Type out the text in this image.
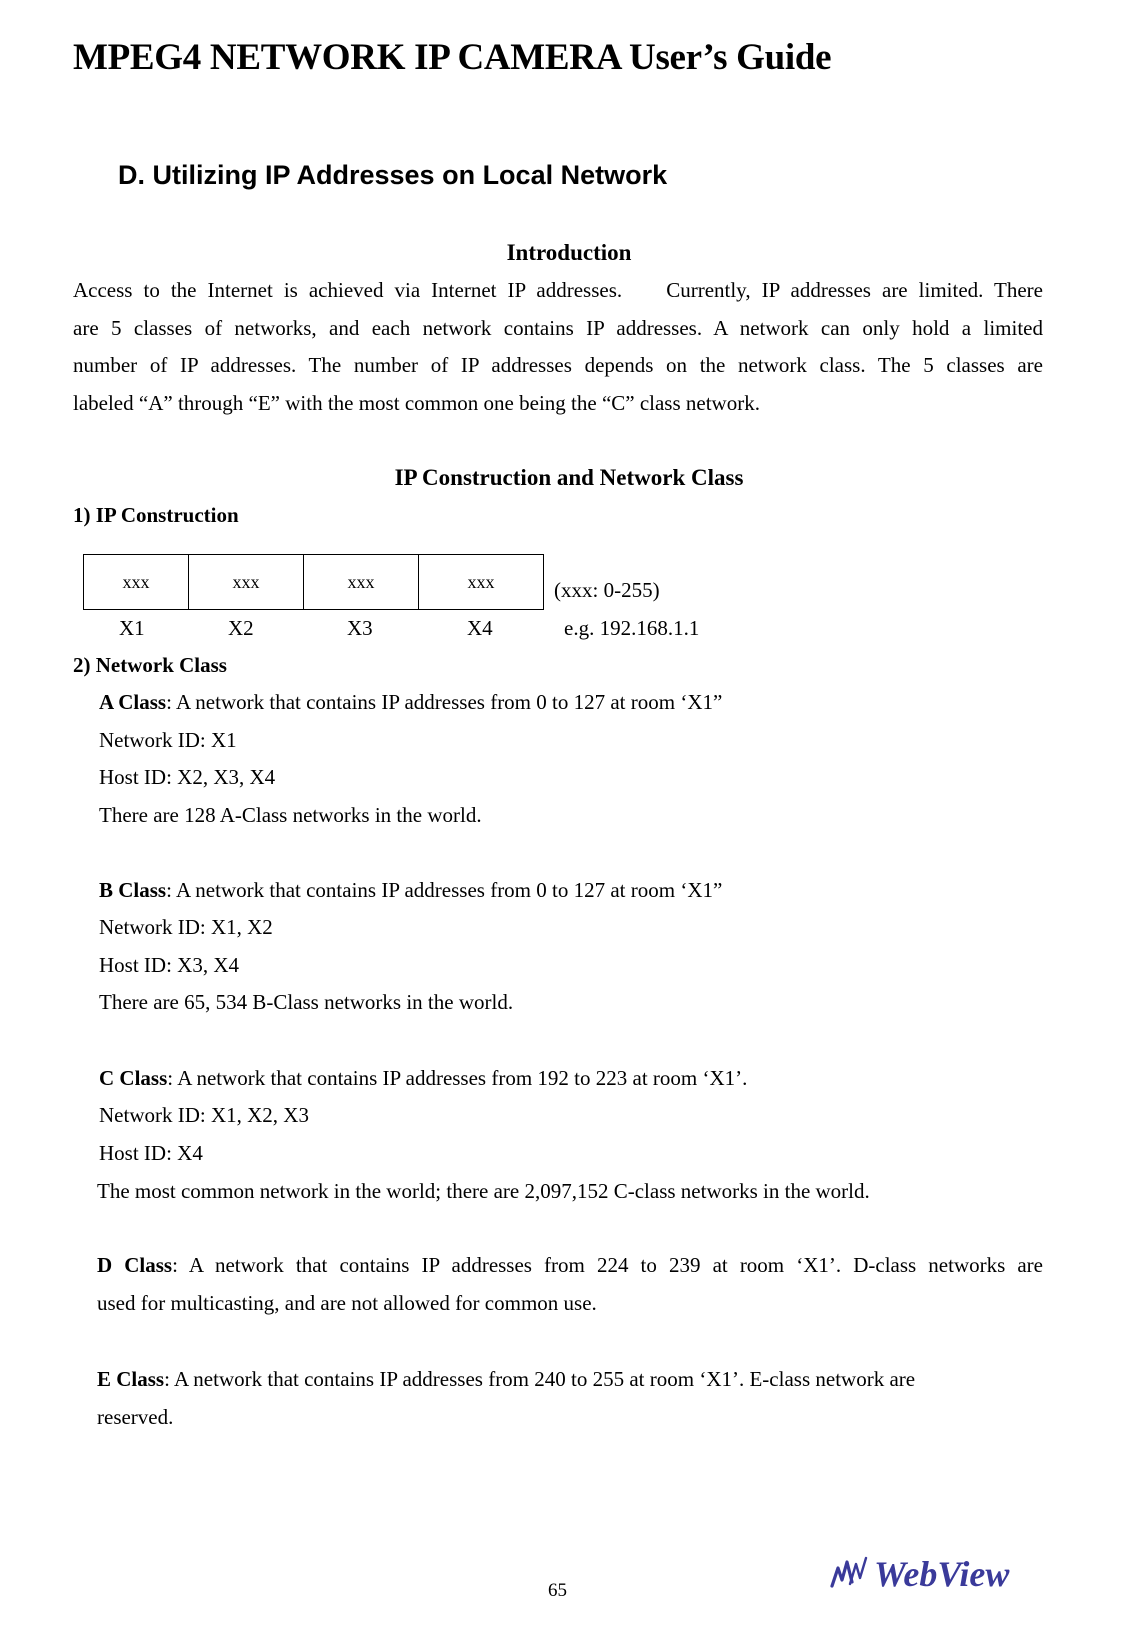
MPEG4 NETWORK IP CAMERA User’s Guide
D. Utilizing IP Addresses on Local Network
Introduction
Access to the Internet is achieved via Internet IP addresses.    Currently, IP addresses are limited. There
are 5 classes of networks, and each network contains IP addresses. A network can only hold a limited
number of IP addresses. The number of IP addresses depends on the network class. The 5 classes are
labeled “A” through “E” with the most common one being the “C” class network.
IP Construction and Network Class
1) IP Construction
xxx	xxx	xxx	xxx	(xxx: 0-255)
X1	X2	X3	X4	e.g. 192.168.1.1
2) Network Class
A Class: A network that contains IP addresses from 0 to 127 at room ‘X1”
Network ID: X1
Host ID: X2, X3, X4
There are 128 A-Class networks in the world.
B Class: A network that contains IP addresses from 0 to 127 at room ‘X1”
Network ID: X1, X2
Host ID: X3, X4
There are 65, 534 B-Class networks in the world.
C Class: A network that contains IP addresses from 192 to 223 at room ‘X1’.
Network ID: X1, X2, X3
Host ID: X4
The most common network in the world; there are 2,097,152 C-class networks in the world.
D Class: A network that contains IP addresses from 224 to 239 at room ‘X1’. D-class networks are
used for multicasting, and are not allowed for common use.
E Class: A network that contains IP addresses from 240 to 255 at room ‘X1’. E-class network are
reserved.
65	WebView
